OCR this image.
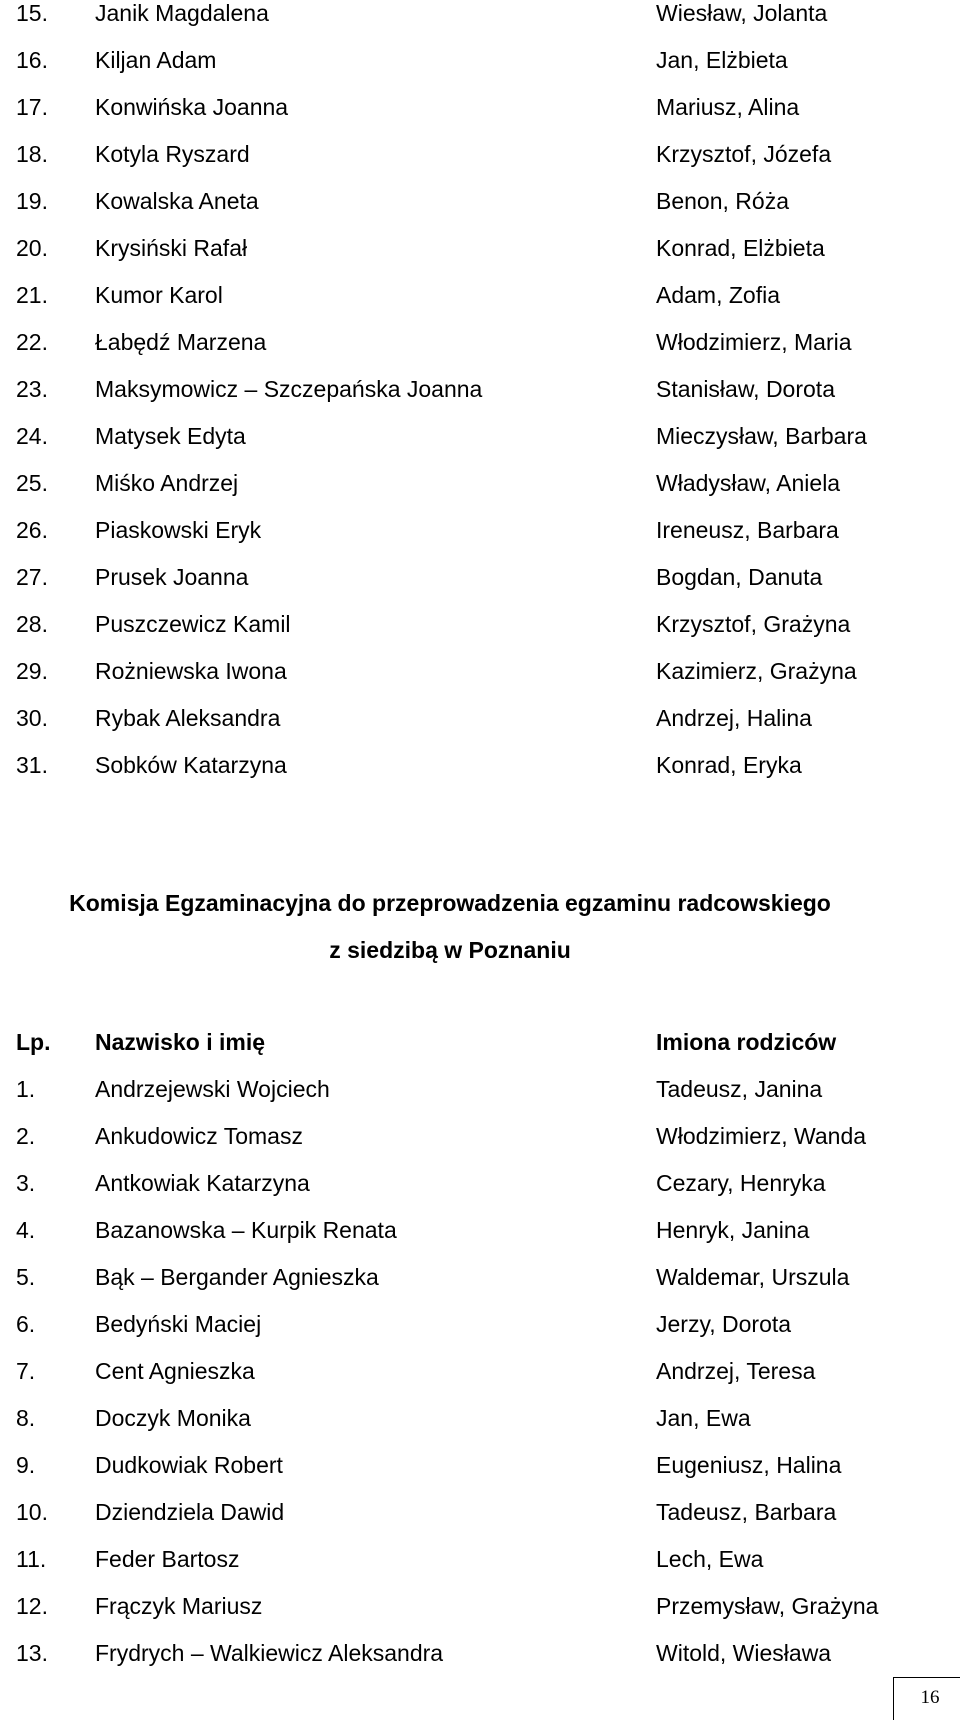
15. Janik Magdalena	Wiesław, Jolanta
16. Kiljan Adam	Jan, Elżbieta
17. Konwińska Joanna	Mariusz, Alina
18. Kotyla Ryszard	Krzysztof, Józefa
19. Kowalska Aneta	Benon, Róża
20. Krysiński Rafał	Konrad, Elżbieta
21. Kumor Karol	Adam, Zofia
22. Łabędź Marzena	Włodzimierz, Maria
23. Maksymowicz – Szczepańska Joanna	Stanisław, Dorota
24. Matysek Edyta	Mieczysław, Barbara
25. Miśko Andrzej	Władysław, Aniela
26. Piaskowski Eryk	Ireneusz, Barbara
27. Prusek Joanna	Bogdan, Danuta
28. Puszczewicz Kamil	Krzysztof, Grażyna
29. Rożniewska Iwona	Kazimierz, Grażyna
30. Rybak Aleksandra	Andrzej, Halina
31. Sobków Katarzyna	Konrad, Eryka
Komisja Egzaminacyjna do przeprowadzenia egzaminu radcowskiego
z siedzibą w Poznaniu
Lp. Nazwisko i imię	Imiona rodziców
1.	Andrzejewski Wojciech	Tadeusz, Janina
2.	Ankudowicz Tomasz	Włodzimierz, Wanda
3.	Antkowiak Katarzyna	Cezary, Henryka
4.	Bazanowska – Kurpik Renata	Henryk, Janina
5.	Bąk – Bergander Agnieszka	Waldemar, Urszula
6.	Bedyński Maciej	Jerzy, Dorota
7.	Cent Agnieszka	Andrzej, Teresa
8.	Doczyk Monika	Jan, Ewa
9.	Dudkowiak Robert	Eugeniusz, Halina
10. Dziendziela Dawid	Tadeusz, Barbara
11. Feder Bartosz	Lech, Ewa
12. Frączyk Mariusz	Przemysław, Grażyna
13. Frydrych – Walkiewicz Aleksandra	Witold, Wiesława
16
